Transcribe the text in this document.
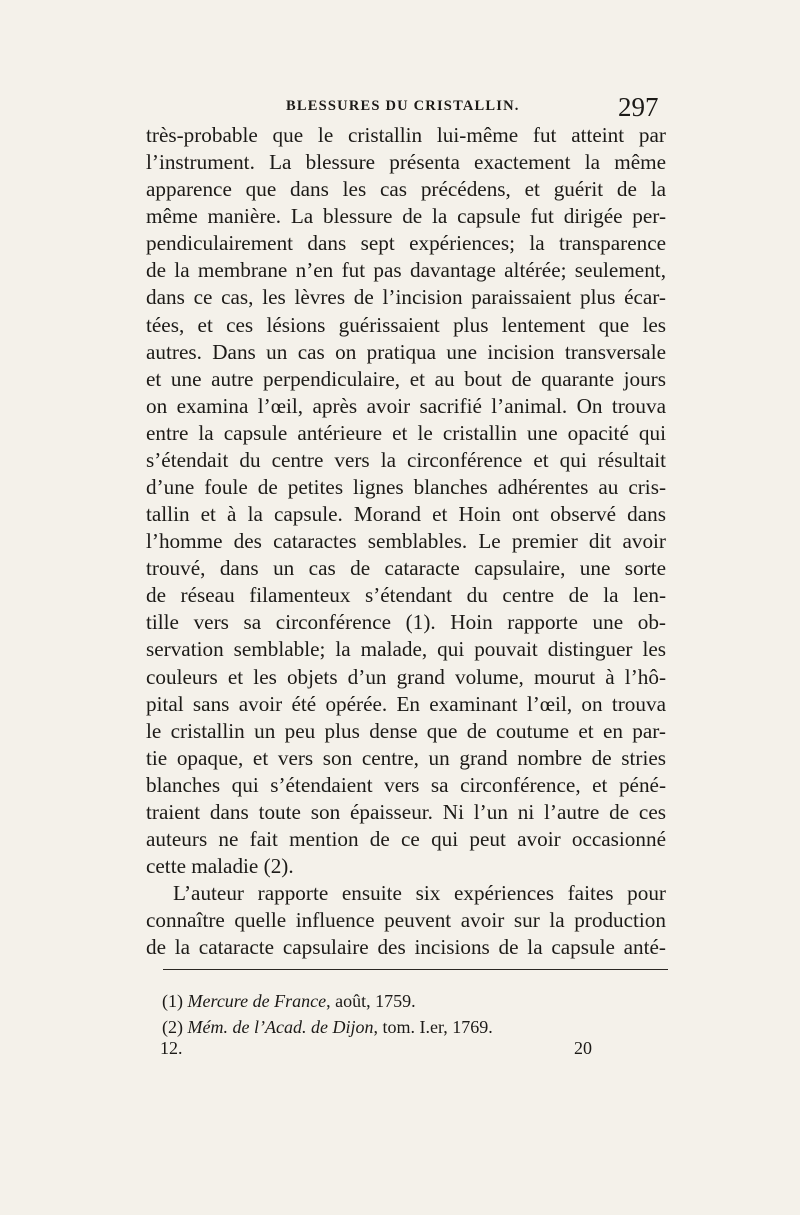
BLESSURES DU CRISTALLIN.	297
très-probable que le cristallin lui-même fut atteint par
l’instrument. La blessure présenta exactement la même
apparence que dans les cas précédens, et guérit de la
même manière. La blessure de la capsule fut dirigée per-
pendiculairement dans sept expériences; la transparence
de la membrane n’en fut pas davantage altérée; seulement,
dans ce cas, les lèvres de l’incision paraissaient plus écar-
tées, et ces lésions guérissaient plus lentement que les
autres. Dans un cas on pratiqua une incision transversale
et une autre perpendiculaire, et au bout de quarante jours
on examina l’œil, après avoir sacrifié l’animal. On trouva
entre la capsule antérieure et le cristallin une opacité qui
s’étendait du centre vers la circonférence et qui résultait
d’une foule de petites lignes blanches adhérentes au cris-
tallin et à la capsule. Morand et Hoin ont observé dans
l’homme des cataractes semblables. Le premier dit avoir
trouvé, dans un cas de cataracte capsulaire, une sorte
de réseau filamenteux s’étendant du centre de la len-
tille vers sa circonférence (1). Hoin rapporte une ob-
servation semblable; la malade, qui pouvait distinguer les
couleurs et les objets d’un grand volume, mourut à l’hô-
pital sans avoir été opérée. En examinant l’œil, on trouva
le cristallin un peu plus dense que de coutume et en par-
tie opaque, et vers son centre, un grand nombre de stries
blanches qui s’étendaient vers sa circonférence, et péné-
traient dans toute son épaisseur. Ni l’un ni l’autre de ces
auteurs ne fait mention de ce qui peut avoir occasionné
cette maladie (2).
L’auteur rapporte ensuite six expériences faites pour
connaître quelle influence peuvent avoir sur la production
de la cataracte capsulaire des incisions de la capsule anté-
(1) Mercure de France, août, 1759.
(2) Mém. de l’Acad. de Dijon, tom. I.er, 1769.
12.	20
